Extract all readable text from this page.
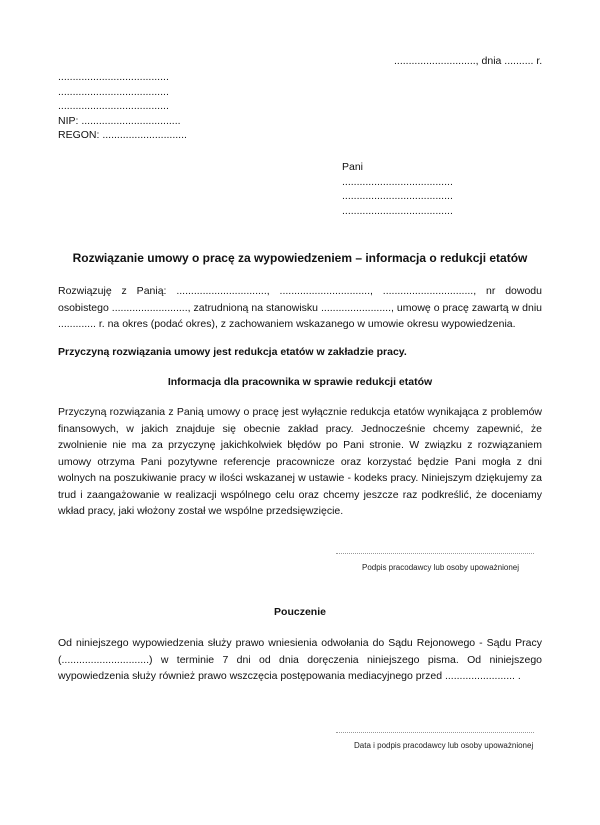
............................, dnia .......... r.
......................................
......................................
......................................
NIP: ..................................
REGON: .............................
Pani
......................................
......................................
......................................
Rozwiązanie umowy o pracę za wypowiedzeniem – informacja o redukcji etatów
Rozwiązuję z Panią: ..............................., ..............................., ..............................., nr dowodu osobistego .........................., zatrudnioną na stanowisku ........................, umowę o pracę zawartą w dniu ............. r. na okres (podać okres), z zachowaniem wskazanego w umowie okresu wypowiedzenia.
Przyczyną rozwiązania umowy jest redukcja etatów w zakładzie pracy.
Informacja dla pracownika w sprawie redukcji etatów
Przyczyną rozwiązania z Panią umowy o pracę jest wyłącznie redukcja etatów wynikająca z problemów finansowych, w jakich znajduje się obecnie zakład pracy. Jednocześnie chcemy zapewnić, że zwolnienie nie ma za przyczynę jakichkolwiek błędów po Pani stronie. W związku z rozwiązaniem umowy otrzyma Pani pozytywne referencje pracownicze oraz korzystać będzie Pani mogła z dni wolnych na poszukiwanie pracy w ilości wskazanej w ustawie - kodeks pracy. Niniejszym dziękujemy za trud i zaangażowanie w realizacji wspólnego celu oraz chcemy jeszcze raz podkreślić, że doceniamy wkład pracy, jaki włożony został we wspólne przedsięwzięcie.
Podpis pracodawcy lub osoby upoważnionej
Pouczenie
Od niniejszego wypowiedzenia służy prawo wniesienia odwołania do Sądu Rejonowego - Sądu Pracy (..............................) w terminie 7 dni od dnia doręczenia niniejszego pisma. Od niniejszego wypowiedzenia służy również prawo wszczęcia postępowania mediacyjnego przed ........................ .
Data i podpis pracodawcy lub osoby upoważnionej
